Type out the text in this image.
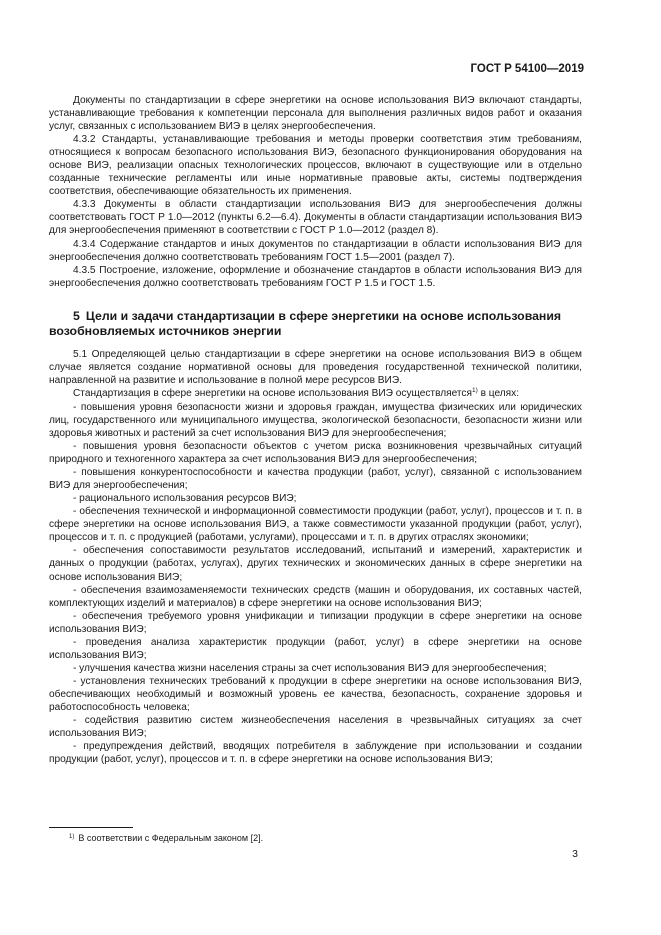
ГОСТ Р 54100—2019

Документы по стандартизации в сфере энергетики на основе использования ВИЭ включают стандарты, устанавливающие требования к компетенции персонала для выполнения различных видов работ и оказания услуг, связанных с использованием ВИЭ в целях энергообеспечения.

4.3.2 Стандарты, устанавливающие требования и методы проверки соответствия этим требованиям, относящиеся к вопросам безопасного использования ВИЭ, безопасного функционирования оборудования на основе ВИЭ, реализации опасных технологических процессов, включают в существующие или в отдельно созданные технические регламенты или иные нормативные правовые акты, системы подтверждения соответствия, обеспечивающие обязательность их применения.

4.3.3 Документы в области стандартизации использования ВИЭ для энергообеспечения должны соответствовать ГОСТ Р 1.0—2012 (пункты 6.2—6.4). Документы в области стандартизации использования ВИЭ для энергообеспечения применяют в соответствии с ГОСТ Р 1.0—2012 (раздел 8).

4.3.4 Содержание стандартов и иных документов по стандартизации в области использования ВИЭ для энергообеспечения должно соответствовать требованиям ГОСТ 1.5—2001 (раздел 7).

4.3.5 Построение, изложение, оформление и обозначение стандартов в области использования ВИЭ для энергообеспечения должно соответствовать требованиям ГОСТ Р 1.5 и ГОСТ 1.5.

5 Цели и задачи стандартизации в сфере энергетики на основе использования возобновляемых источников энергии

5.1 Определяющей целью стандартизации в сфере энергетики на основе использования ВИЭ в общем случае является создание нормативной основы для проведения государственной технической политики, направленной на развитие и использование в полной мере ресурсов ВИЭ.

Стандартизация в сфере энергетики на основе использования ВИЭ осуществляется$^{1)}$ в целях:

- повышения уровня безопасности жизни и здоровья граждан, имущества физических или юридических лиц, государственного или муниципального имущества, экологической безопасности, безопасности жизни или здоровья животных и растений за счет использования ВИЭ для энергообеспечения;

- повышения уровня безопасности объектов с учетом риска возникновения чрезвычайных ситуаций природного и техногенного характера за счет использования ВИЭ для энергообеспечения;

- повышения конкурентоспособности и качества продукции (работ, услуг), связанной с использованием ВИЭ для энергообеспечения;

- рационального использования ресурсов ВИЭ;

- обеспечения технической и информационной совместимости продукции (работ, услуг), процессов и т. п. в сфере энергетики на основе использования ВИЭ, а также совместимости указанной продукции (работ, услуг), процессов и т. п. с продукцией (работами, услугами), процессами и т. п. в других отраслях экономики;

- обеспечения сопоставимости результатов исследований, испытаний и измерений, характеристик и данных о продукции (работах, услугах), других технических и экономических данных в сфере энергетики на основе использования ВИЭ;

- обеспечения взаимозаменяемости технических средств (машин и оборудования, их составных частей, комплектующих изделий и материалов) в сфере энергетики на основе использования ВИЭ;

- обеспечения требуемого уровня унификации и типизации продукции в сфере энергетики на основе использования ВИЭ;

- проведения анализа характеристик продукции (работ, услуг) в сфере энергетики на основе использования ВИЭ;

- улучшения качества жизни населения страны за счет использования ВИЭ для энергообеспечения;

- установления технических требований к продукции в сфере энергетики на основе использования ВИЭ, обеспечивающих необходимый и возможный уровень ее качества, безопасность, сохранение здоровья и работоспособность человека;

- содействия развитию систем жизнеобеспечения населения в чрезвычайных ситуациях за счет использования ВИЭ;

- предупреждения действий, вводящих потребителя в заблуждение при использовании и создании продукции (работ, услуг), процессов и т. п. в сфере энергетики на основе использования ВИЭ;

$^{1)}$ В соответствии с Федеральным законом [2].
3
